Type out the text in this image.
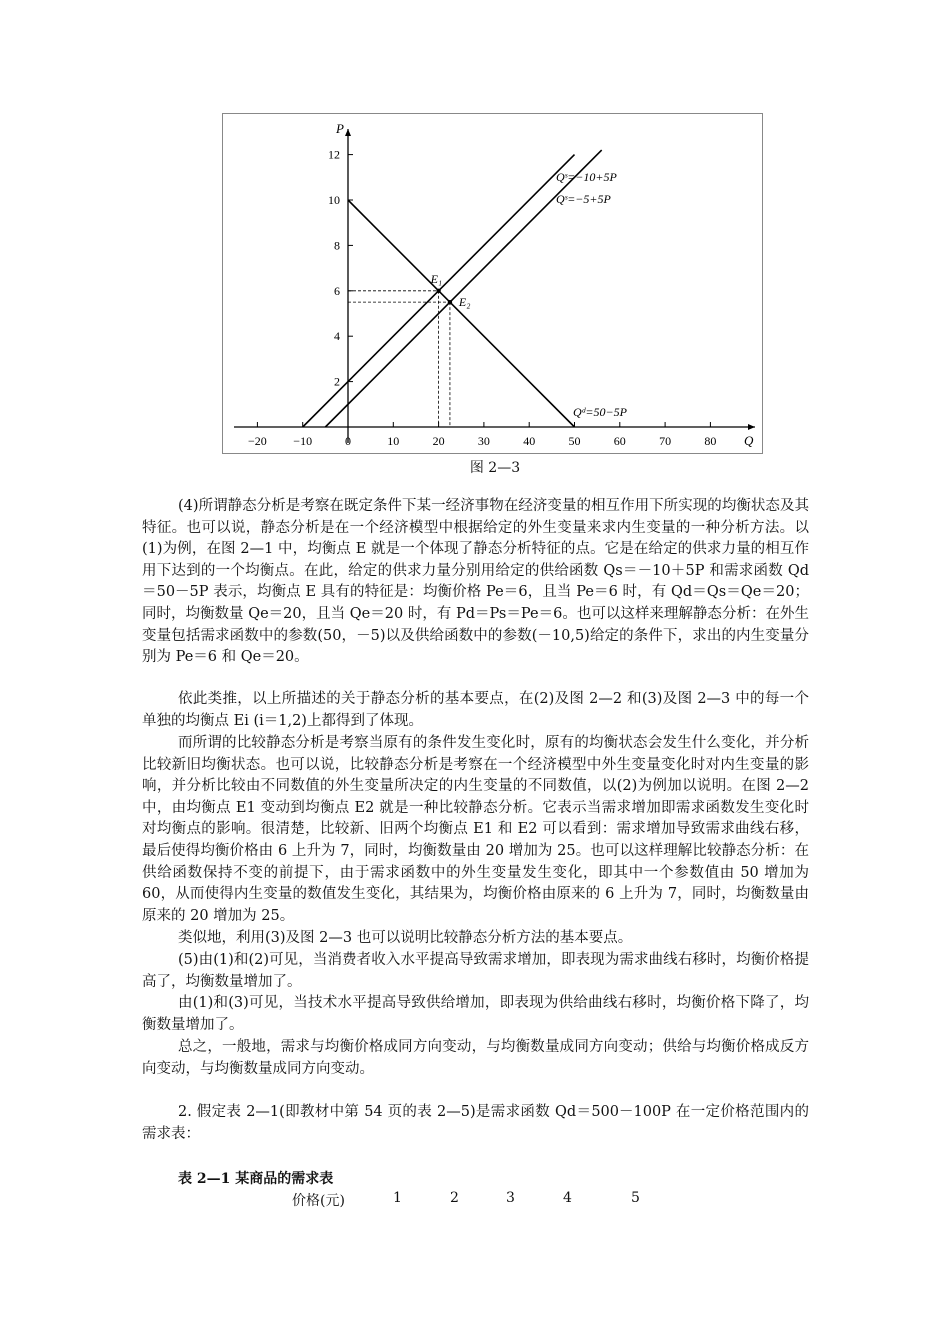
E₁
E₂
2
4
6
8
10
12
−20 −10	0	10	20	30	40	50	60	70	80
P
Q
Qˢ=−10+5P
Qˢ=−5+5P
Qᵈ=50−5P
图 2—3

(4)所谓静态分析是考察在既定条件下某一经济事物在经济变量的相互作用下所实现的均衡状态及其特征。也可以说，静态分析是在一个经济模型中根据给定的外生变量来求内生变量的一种分析方法。以(1)为例，在图 2—1 中，均衡点 E 就是一个体现了静态分析特征的点。它是在给定的供求力量的相互作用下达到的一个均衡点。在此，给定的供求力量分别用给定的供给函数 Qs＝－10＋5P 和需求函数 Qd＝50－5P 表示，均衡点 E 具有的特征是：均衡价格 Pe＝6，且当 Pe＝6 时，有 Qd＝Qs＝Qe＝20；同时，均衡数量 Qe＝20，且当 Qe＝20 时，有 Pd＝Ps＝Pe＝6。也可以这样来理解静态分析：在外生变量包括需求函数中的参数(50，－5)以及供给函数中的参数(－10,5)给定的条件下，求出的内生变量分别为 Pe＝6 和 Qe＝20。

依此类推，以上所描述的关于静态分析的基本要点，在(2)及图 2—2 和(3)及图 2—3 中的每一个单独的均衡点 Ei (i＝1,2)上都得到了体现。

而所谓的比较静态分析是考察当原有的条件发生变化时，原有的均衡状态会发生什么变化，并分析比较新旧均衡状态。也可以说，比较静态分析是考察在一个经济模型中外生变量变化时对内生变量的影响，并分析比较由不同数值的外生变量所决定的内生变量的不同数值，以(2)为例加以说明。在图 2—2 中，由均衡点 E1 变动到均衡点 E2 就是一种比较静态分析。它表示当需求增加即需求函数发生变化时对均衡点的影响。很清楚，比较新、旧两个均衡点 E1 和 E2 可以看到：需求增加导致需求曲线右移，最后使得均衡价格由 6 上升为 7，同时，均衡数量由 20 增加为 25。也可以这样理解比较静态分析：在供给函数保持不变的前提下，由于需求函数中的外生变量发生变化，即其中一个参数值由 50 增加为 60，从而使得内生变量的数值发生变化，其结果为，均衡价格由原来的 6 上升为 7，同时，均衡数量由原来的 20 增加为 25。

类似地，利用(3)及图 2—3 也可以说明比较静态分析方法的基本要点。

(5)由(1)和(2)可见，当消费者收入水平提高导致需求增加，即表现为需求曲线右移时，均衡价格提高了，均衡数量增加了。

由(1)和(3)可见，当技术水平提高导致供给增加，即表现为供给曲线右移时，均衡价格下降了，均衡数量增加了。

总之，一般地，需求与均衡价格成同方向变动，与均衡数量成同方向变动；供给与均衡价格成反方向变动，与均衡数量成同方向变动。

2. 假定表 2—1(即教材中第 54 页的表 2—5)是需求函数 Qd＝500－100P 在一定价格范围内的需求表：

表 2—1 某商品的需求表
价格(元)	1	2	3	4	5
